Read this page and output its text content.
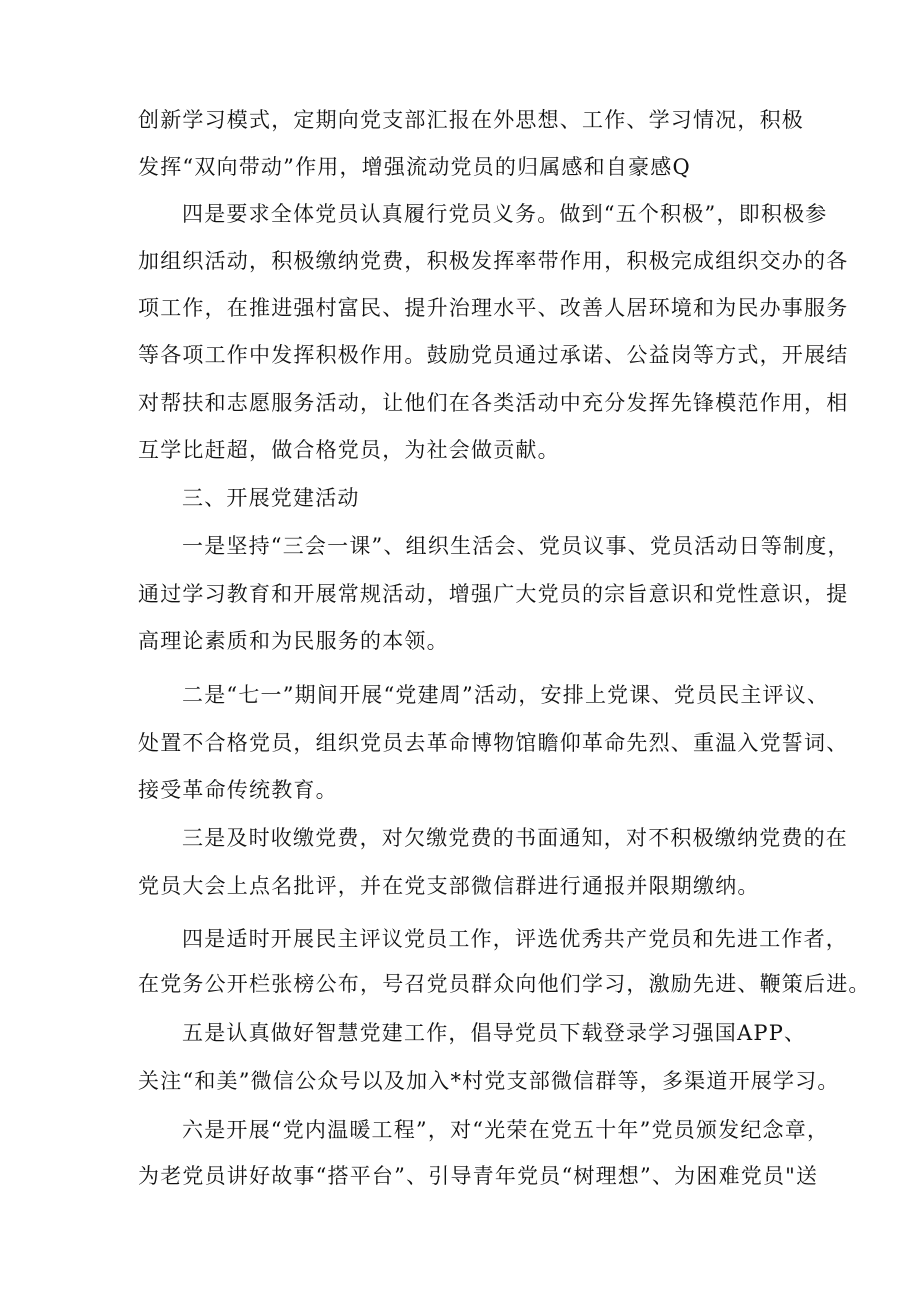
创新学习模式，定期向党支部汇报在外思想、工作、学习情况，积极
发挥“双向带动”作用，增强流动党员的归属感和自豪感Q
四是要求全体党员认真履行党员义务。做到“五个积极”，即积极参
加组织活动，积极缴纳党费，积极发挥率带作用，积极完成组织交办的各
项工作，在推进强村富民、提升治理水平、改善人居环境和为民办事服务
等各项工作中发挥积极作用。鼓励党员通过承诺、公益岗等方式，开展结
对帮扶和志愿服务活动，让他们在各类活动中充分发挥先锋模范作用，相
互学比赶超，做合格党员，为社会做贡献。
三、开展党建活动
一是坚持“三会一课”、组织生活会、党员议事、党员活动日等制度，
通过学习教育和开展常规活动，增强广大党员的宗旨意识和党性意识，提
高理论素质和为民服务的本领。
二是“七一”期间开展“党建周”活动，安排上党课、党员民主评议、
处置不合格党员，组织党员去革命博物馆瞻仰革命先烈、重温入党誓词、
接受革命传统教育。
三是及时收缴党费，对欠缴党费的书面通知，对不积极缴纳党费的在
党员大会上点名批评，并在党支部微信群进行通报并限期缴纳。
四是适时开展民主评议党员工作，评选优秀共产党员和先进工作者，
在党务公开栏张榜公布，号召党员群众向他们学习，激励先进、鞭策后进。
五是认真做好智慧党建工作，倡导党员下载登录学习强国APP、
关注“和美”微信公众号以及加入*村党支部微信群等，多渠道开展学习。
六是开展“党内温暖工程”，对“光荣在党五十年”党员颁发纪念章，
为老党员讲好故事“搭平台”、引导青年党员“树理想”、为困难党员"送
